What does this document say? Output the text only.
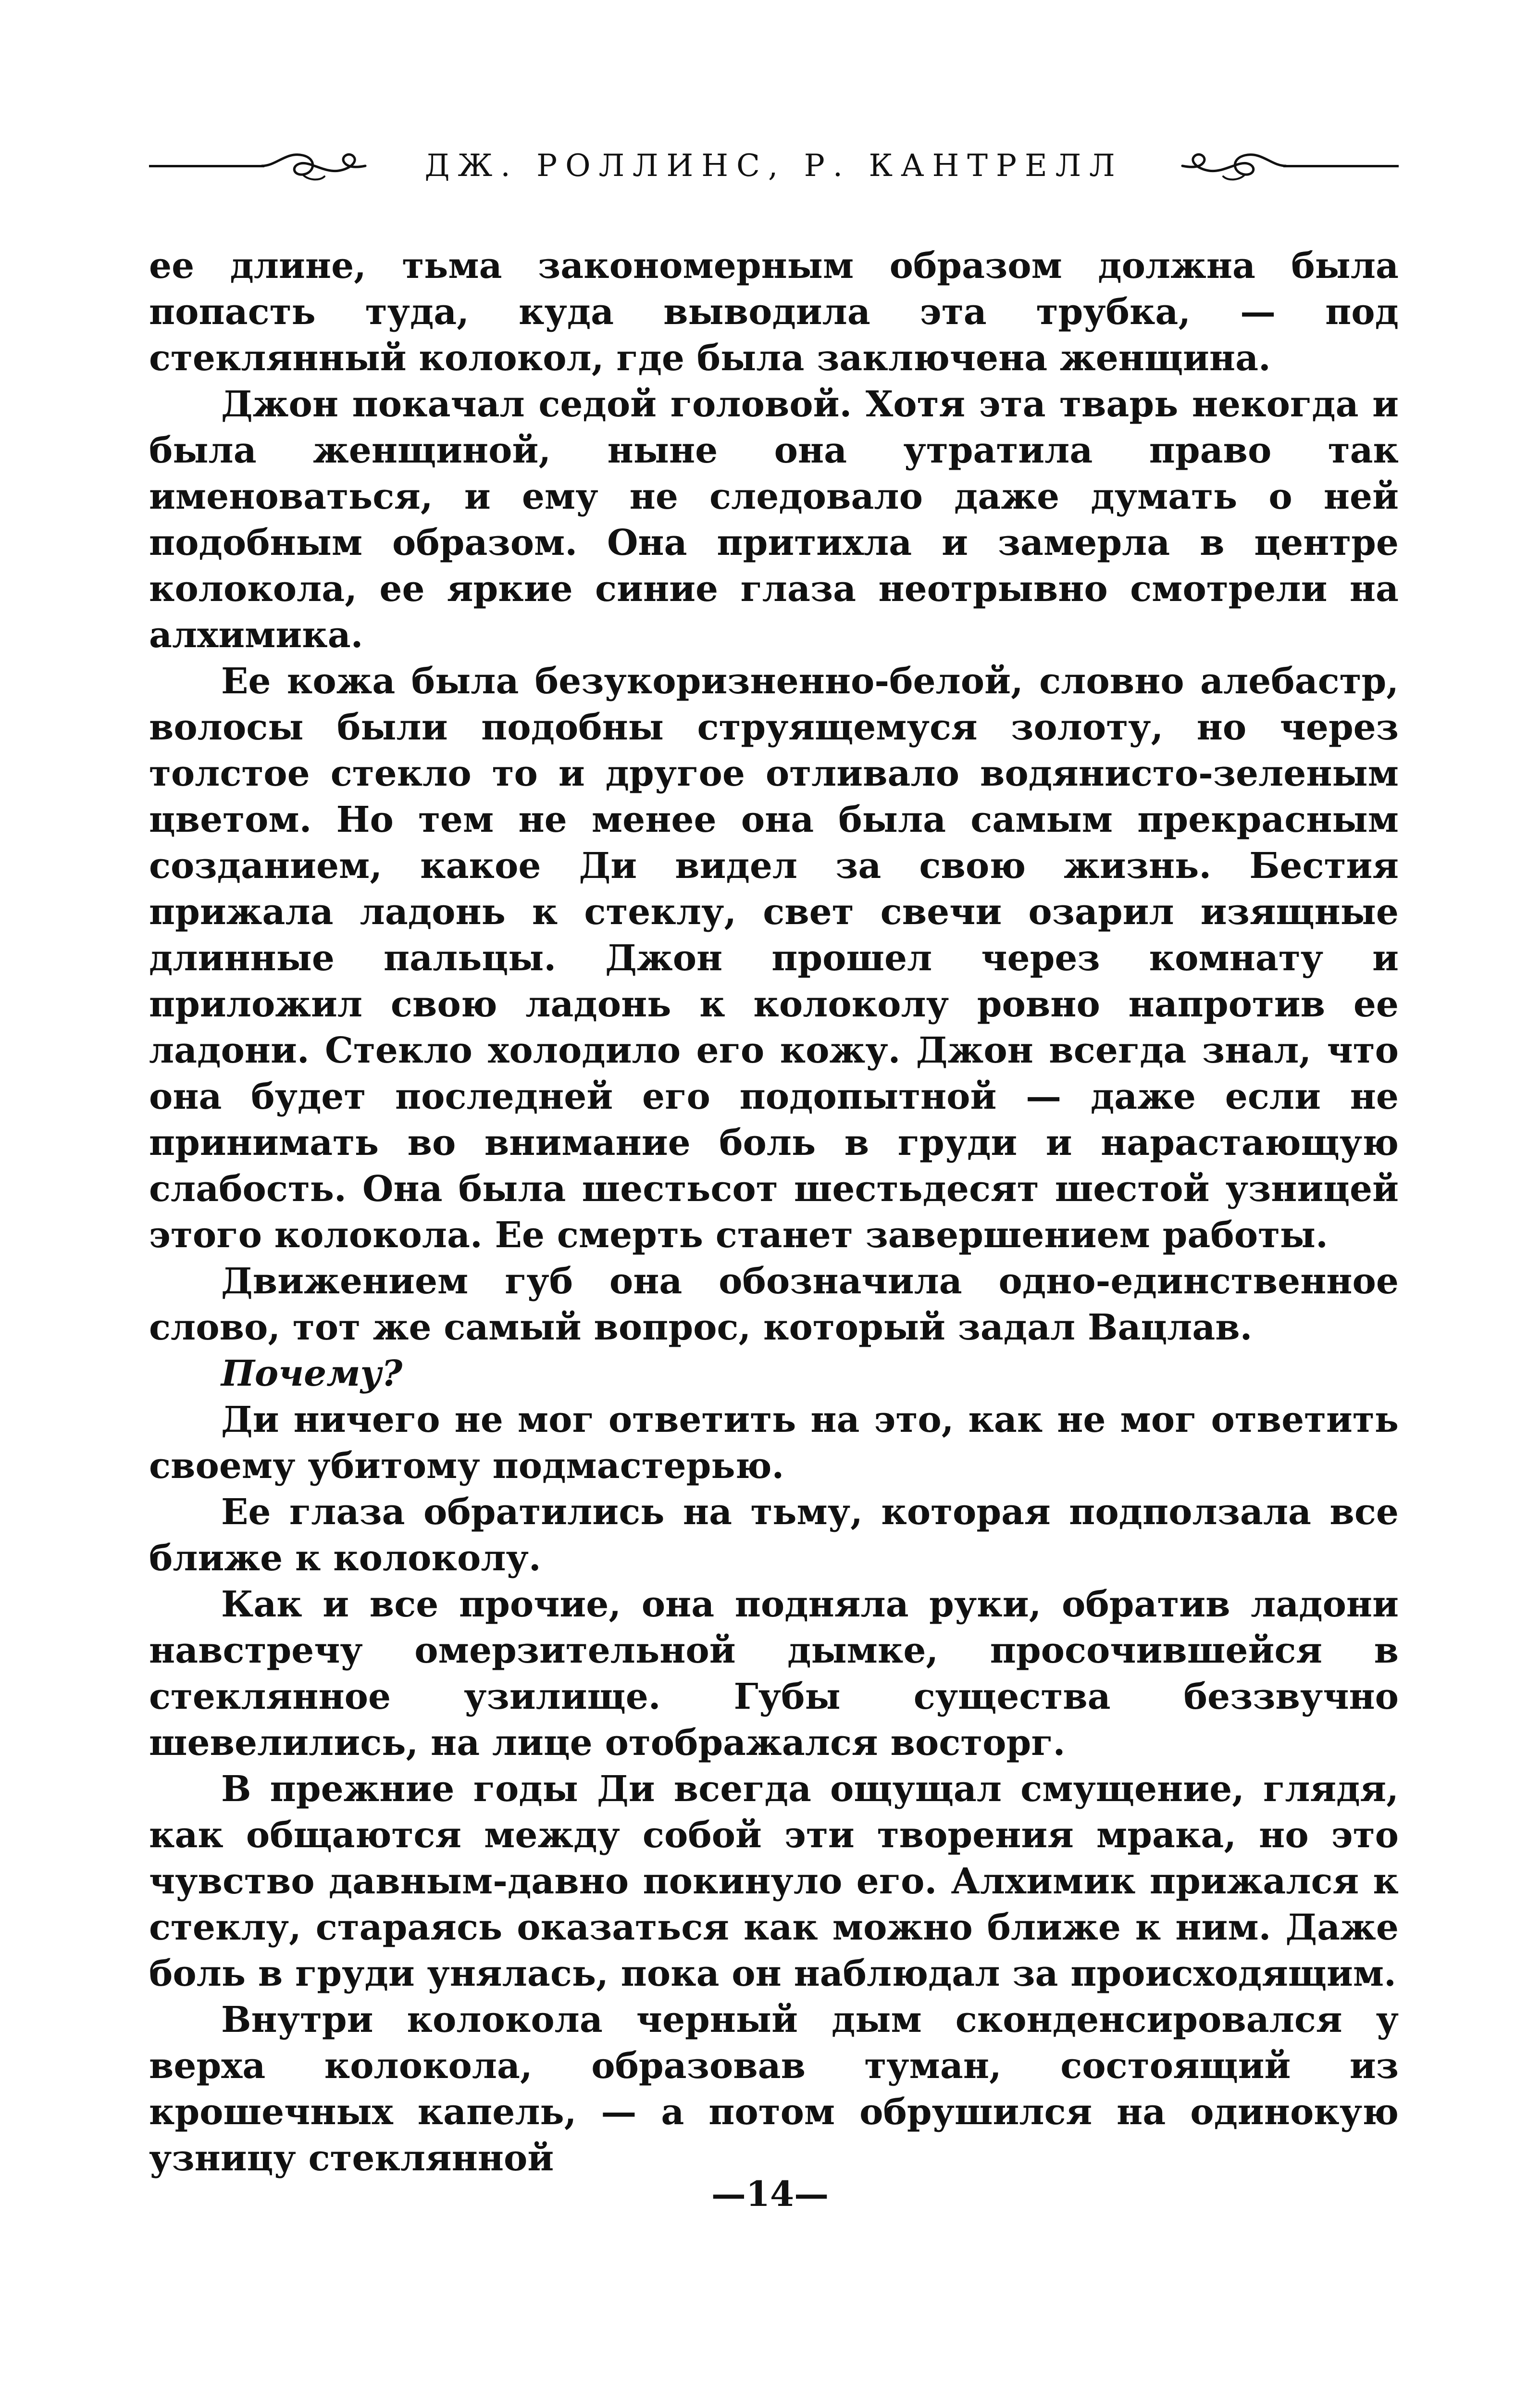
ДЖ. РОЛЛИНС, Р. КАНТРЕЛЛ

ее длине, тьма закономерным образом должна была попасть туда, куда выводила эта трубка, — под стеклянный колокол, где была заключена женщина.

Джон покачал седой головой. Хотя эта тварь некогда и была женщиной, ныне она утратила право так именоваться, и ему не следовало даже думать о ней подобным образом. Она притихла и замерла в центре колокола, ее яркие синие глаза неотрывно смотрели на алхимика.

Ее кожа была безукоризненно-белой, словно алебастр, волосы были подобны струящемуся золоту, но через толстое стекло то и другое отливало водянисто-зеленым цветом. Но тем не менее она была самым прекрасным созданием, какое Ди видел за свою жизнь. Бестия прижала ладонь к стеклу, свет свечи озарил изящные длинные пальцы. Джон прошел через комнату и приложил свою ладонь к колоколу ровно напротив ее ладони. Стекло холодило его кожу. Джон всегда знал, что она будет последней его подопытной — даже если не принимать во внимание боль в груди и нарастающую слабость. Она была шестьсот шестьдесят шестой узницей этого колокола. Ее смерть станет завершением работы.

Движением губ она обозначила одно-единственное слово, тот же самый вопрос, который задал Вацлав.

Почему?

Ди ничего не мог ответить на это, как не мог ответить своему убитому подмастерью.

Ее глаза обратились на тьму, которая подползала все ближе к колоколу.

Как и все прочие, она подняла руки, обратив ладони навстречу омерзительной дымке, просочившейся в стеклянное узилище. Губы существа беззвучно шевелились, на лице отображался восторг.

В прежние годы Ди всегда ощущал смущение, глядя, как общаются между собой эти творения мрака, но это чувство давным-давно покинуло его. Алхимик прижался к стеклу, стараясь оказаться как можно ближе к ним. Даже боль в груди унялась, пока он наблюдал за происходящим.

Внутри колокола черный дым сконденсировался у верха колокола, образовав туман, состоящий из крошечных капель, — а потом обрушился на одинокую узницу стеклянной

—14—
